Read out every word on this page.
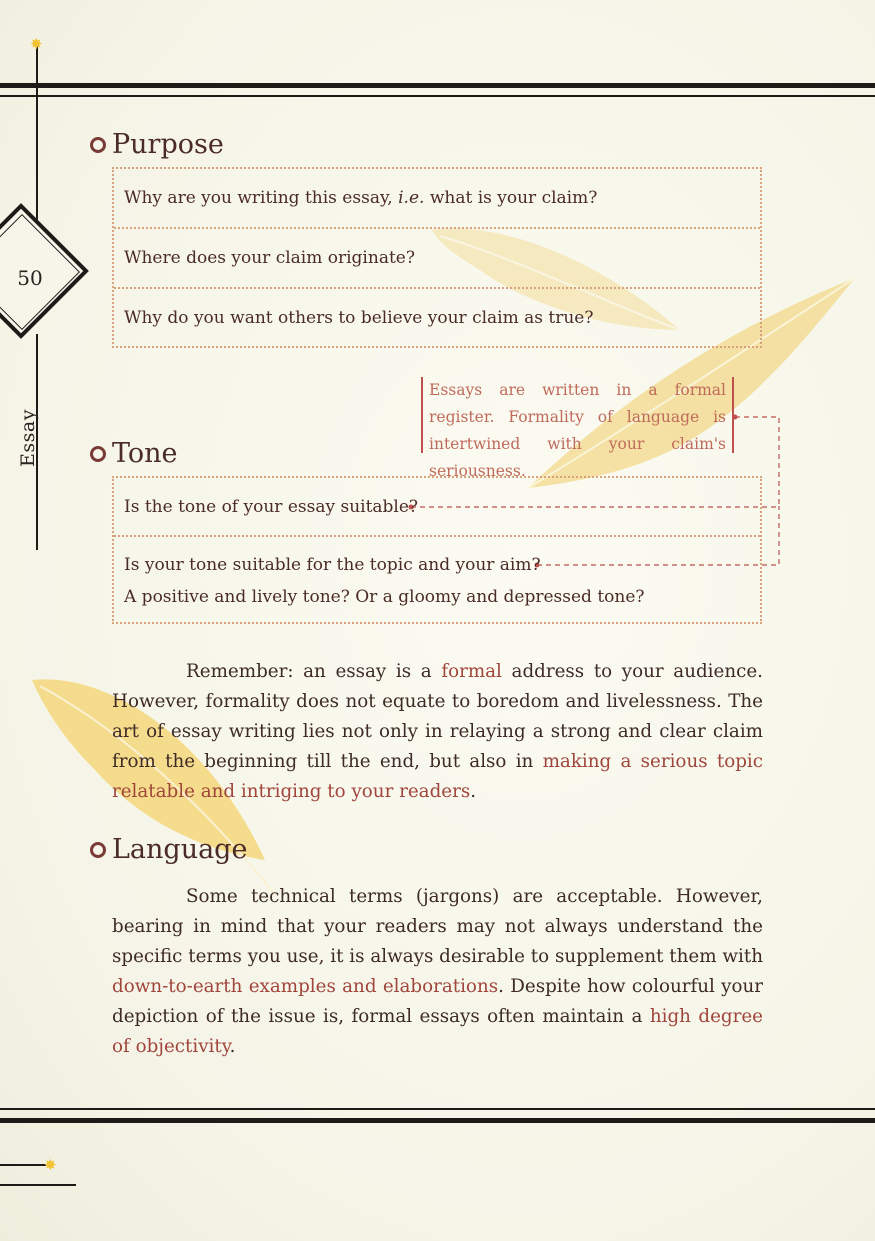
✸
✸
50
Essay
Purpose
Why are you writing this essay, i.e. what is your claim?
Where does your claim originate?
Why do you want others to believe your claim as true?
Essays are written in a formal register. Formality of language is intertwined with your claim's seriousness.
Tone
Is the tone of your essay suitable?
Is your tone suitable for the topic and your aim?
A positive and lively tone? Or a gloomy and depressed tone?

Remember: an essay is a formal address to your audience. However, formality does not equate to boredom and livelessness. The art of essay writing lies not only in relaying a strong and clear claim from the beginning till the end, but also in making a serious topic relatable and intriging to your readers.

Language

Some technical terms (jargons) are acceptable. However, bearing in mind that your readers may not always understand the specific terms you use, it is always desirable to supplement them with down-to-earth examples and elaborations. Despite how colourful your depiction of the issue is, formal essays often maintain a high degree of objectivity.
